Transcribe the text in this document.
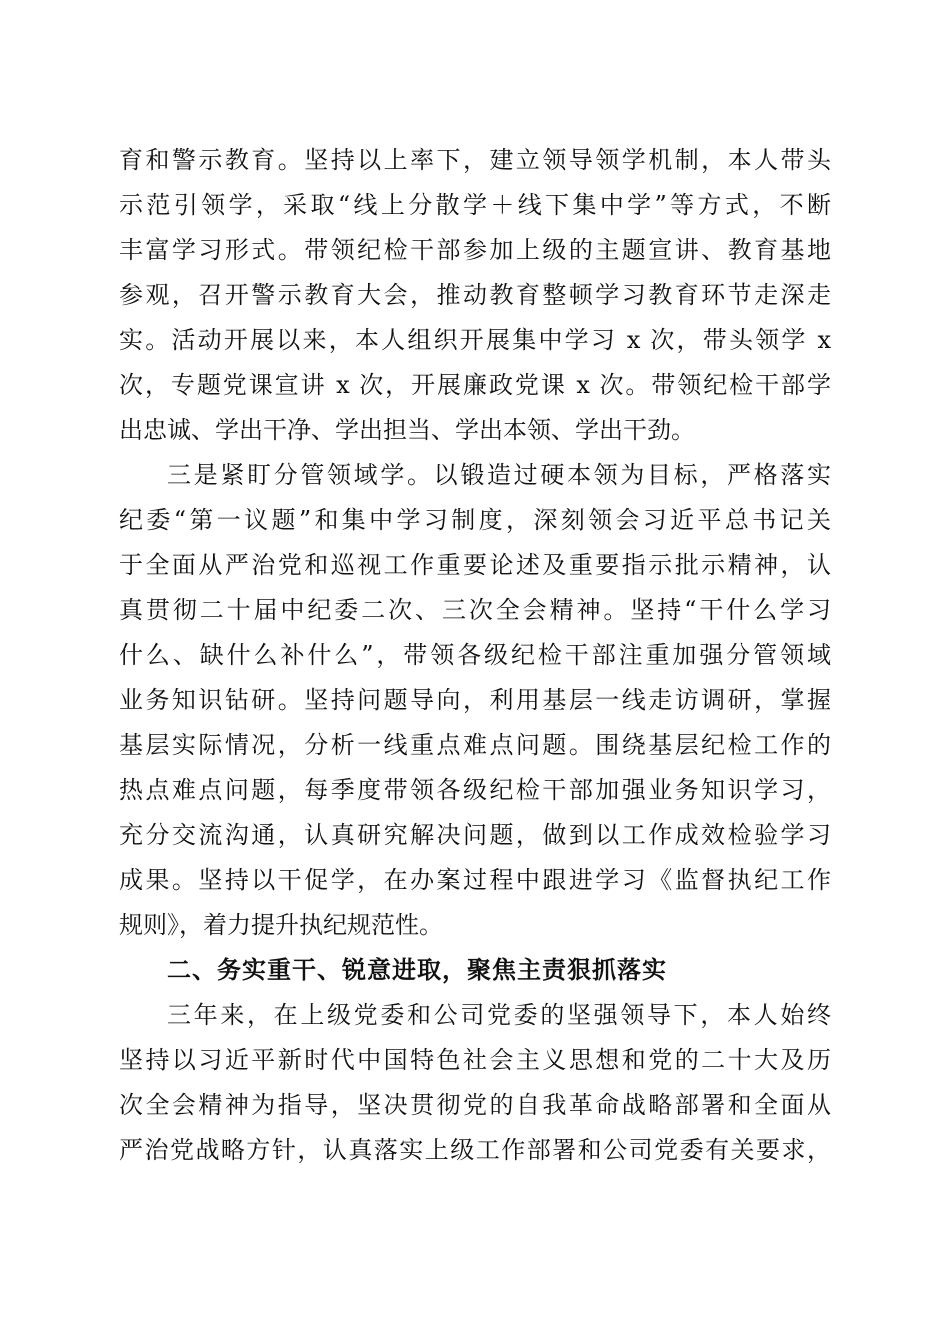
育和警示教育。坚持以上率下，建立领导领学机制，本人带头
示范引领学，采取“线上分散学＋线下集中学”等方式，不断
丰富学习形式。带领纪检干部参加上级的主题宣讲、教育基地
参观，召开警示教育大会，推动教育整顿学习教育环节走深走
实。活动开展以来，本人组织开展集中学习 x 次，带头领学 x
次，专题党课宣讲 x 次，开展廉政党课 x 次。带领纪检干部学
出忠诚、学出干净、学出担当、学出本领、学出干劲。
三是紧盯分管领域学。以锻造过硬本领为目标，严格落实
纪委“第一议题”和集中学习制度，深刻领会习近平总书记关
于全面从严治党和巡视工作重要论述及重要指示批示精神，认
真贯彻二十届中纪委二次、三次全会精神。坚持“干什么学习
什么、缺什么补什么”，带领各级纪检干部注重加强分管领域
业务知识钻研。坚持问题导向，利用基层一线走访调研，掌握
基层实际情况，分析一线重点难点问题。围绕基层纪检工作的
热点难点问题，每季度带领各级纪检干部加强业务知识学习，
充分交流沟通，认真研究解决问题，做到以工作成效检验学习
成果。坚持以干促学，在办案过程中跟进学习《监督执纪工作
规则》，着力提升执纪规范性。
二、务实重干、锐意进取，聚焦主责狠抓落实
三年来，在上级党委和公司党委的坚强领导下，本人始终
坚持以习近平新时代中国特色社会主义思想和党的二十大及历
次全会精神为指导，坚决贯彻党的自我革命战略部署和全面从
严治党战略方针，认真落实上级工作部署和公司党委有关要求，
